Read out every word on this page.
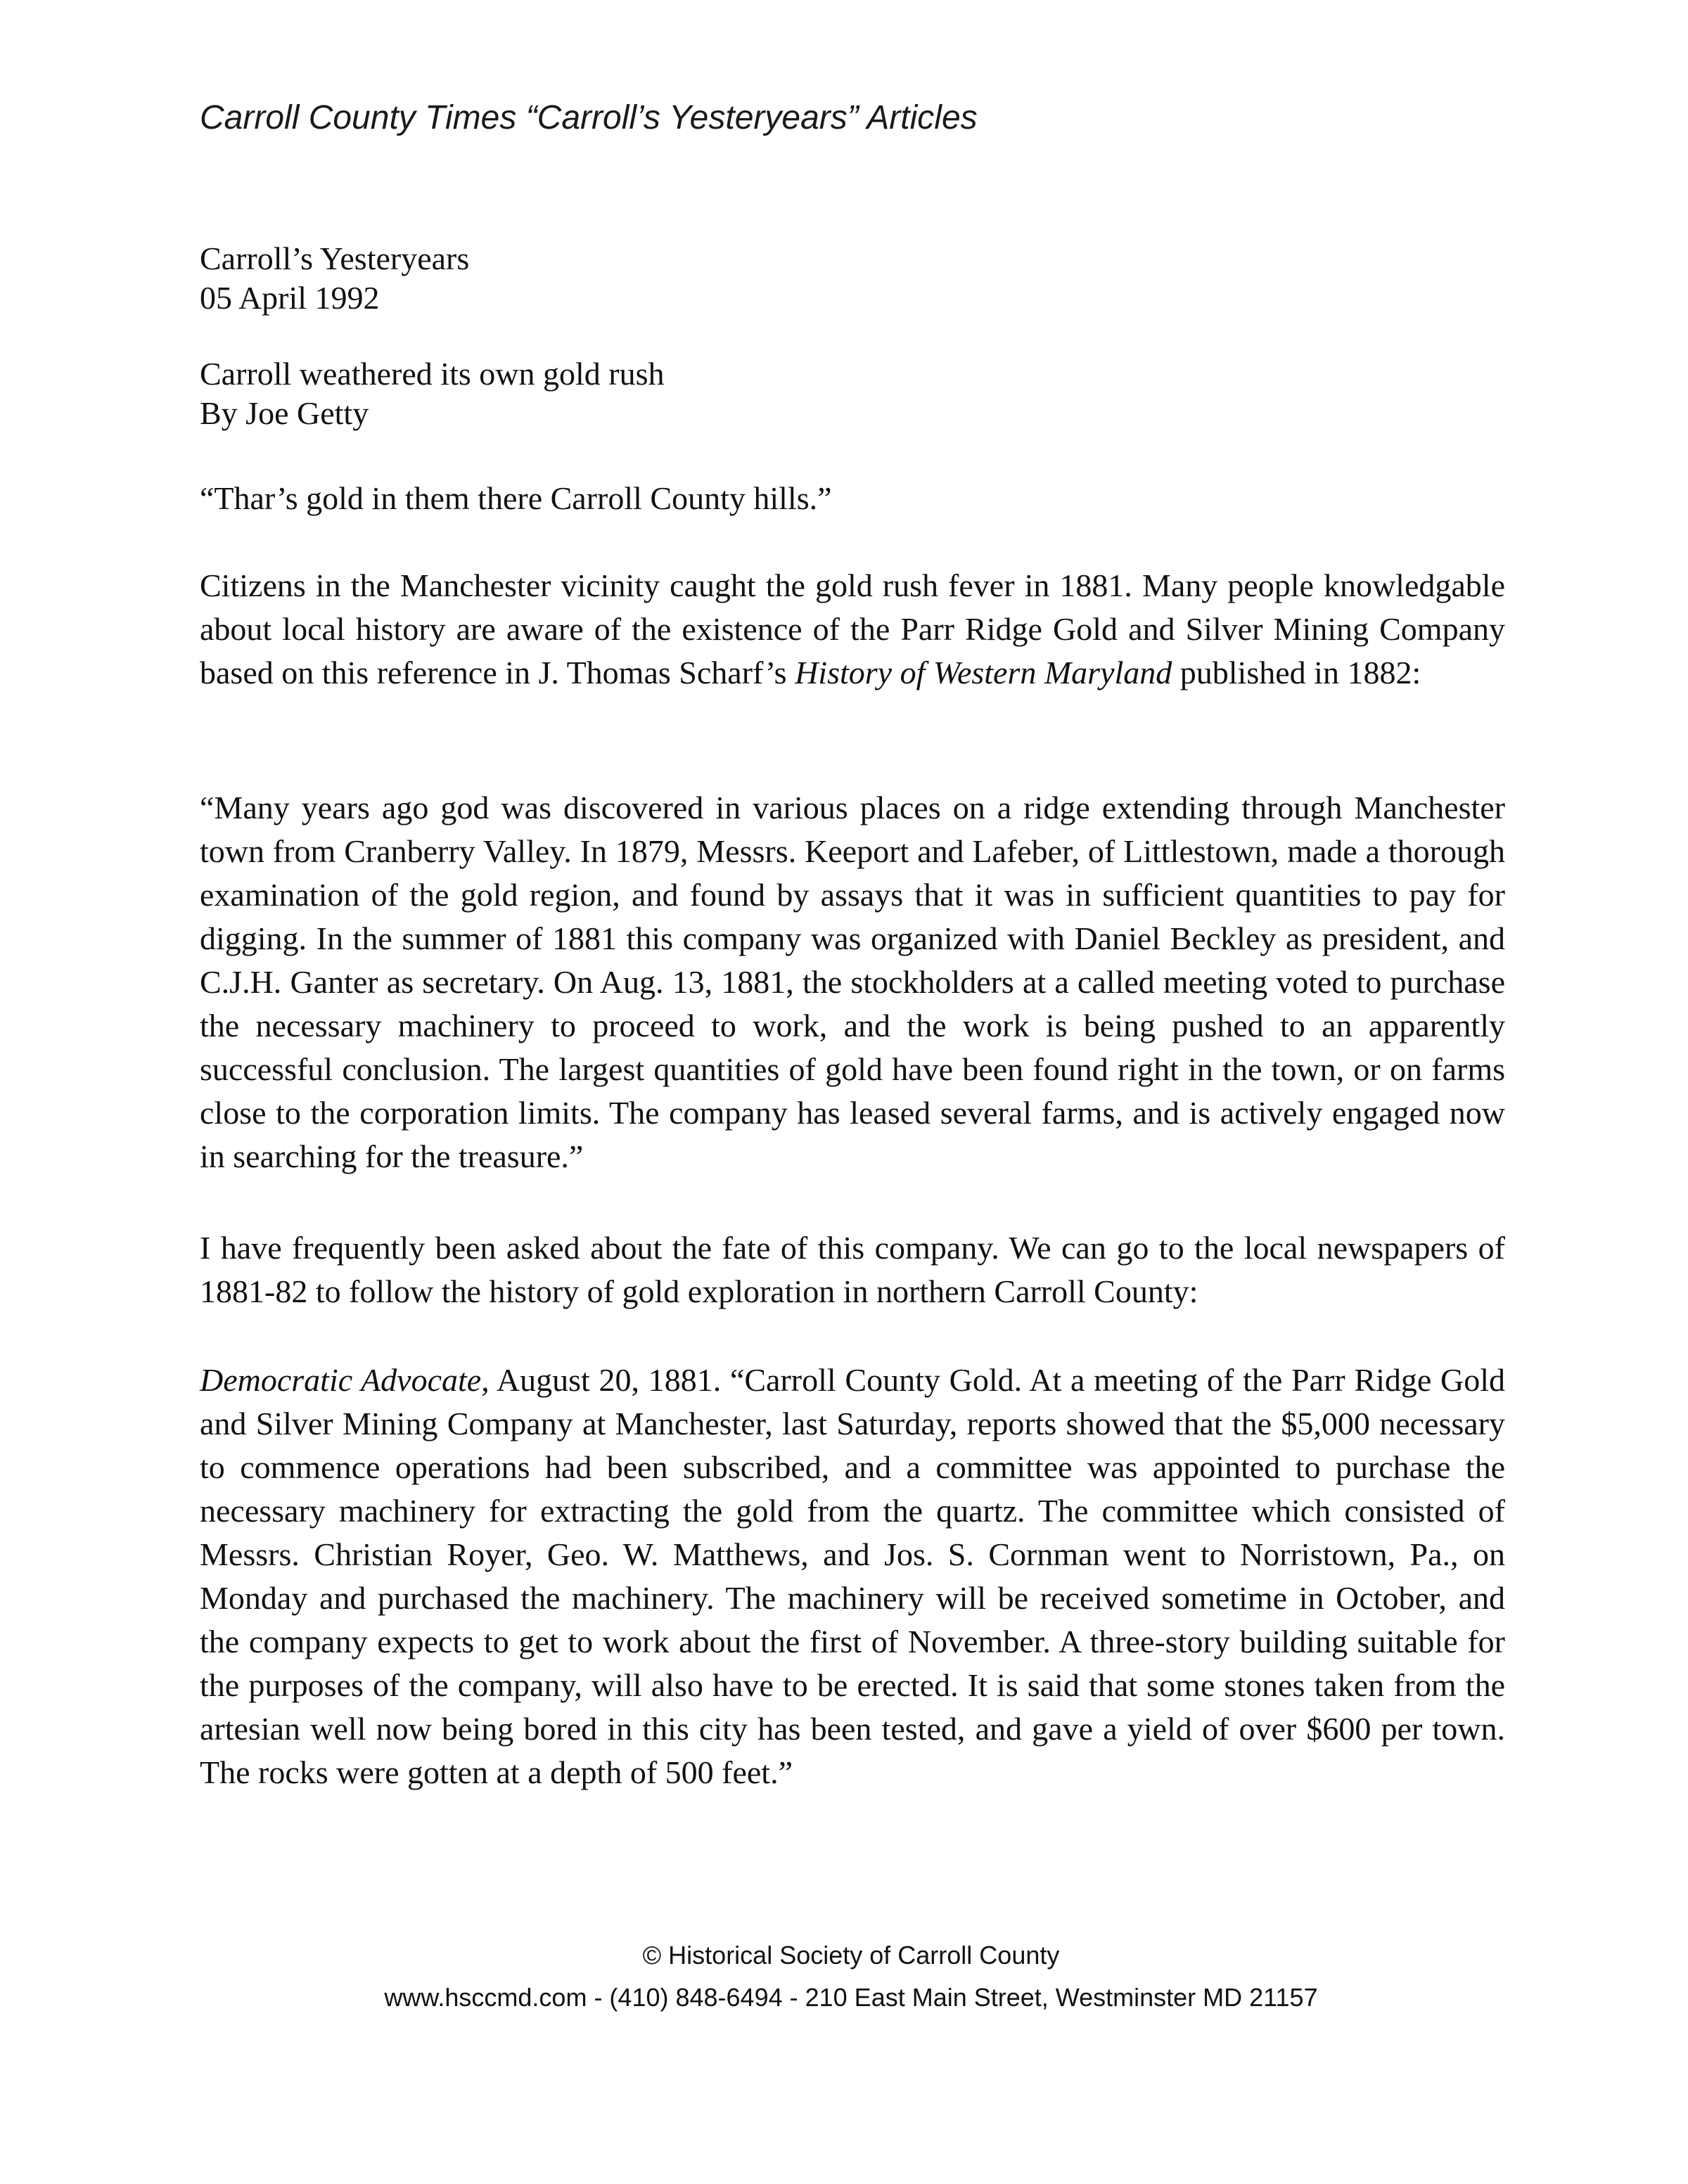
Carroll County Times “Carroll’s Yesteryears” Articles
Carroll’s Yesteryears
05 April 1992
Carroll weathered its own gold rush
By Joe Getty
“Thar’s gold in them there Carroll County hills.”

Citizens in the Manchester vicinity caught the gold rush fever in 1881. Many people knowledgable about local history are aware of the existence of the Parr Ridge Gold and Silver Mining Company based on this reference in J. Thomas Scharf’s History of Western Maryland published in 1882:

“Many years ago god was discovered in various places on a ridge extending through Manchester town from Cranberry Valley. In 1879, Messrs. Keeport and Lafeber, of Littlestown, made a thorough examination of the gold region, and found by assays that it was in sufficient quantities to pay for digging. In the summer of 1881 this company was organized with Daniel Beckley as president, and C.J.H. Ganter as secretary. On Aug. 13, 1881, the stockholders at a called meeting voted to purchase the necessary machinery to proceed to work, and the work is being pushed to an apparently successful conclusion. The largest quantities of gold have been found right in the town, or on farms close to the corporation limits. The company has leased several farms, and is actively engaged now in searching for the treasure.”

I have frequently been asked about the fate of this company. We can go to the local newspapers of 1881-82 to follow the history of gold exploration in northern Carroll County:

Democratic Advocate, August 20, 1881. “Carroll County Gold. At a meeting of the Parr Ridge Gold and Silver Mining Company at Manchester, last Saturday, reports showed that the $5,000 necessary to commence operations had been subscribed, and a committee was appointed to purchase the necessary machinery for extracting the gold from the quartz. The committee which consisted of Messrs. Christian Royer, Geo. W. Matthews, and Jos. S. Cornman went to Norristown, Pa., on Monday and purchased the machinery. The machinery will be received sometime in October, and the company expects to get to work about the first of November. A three-story building suitable for the purposes of the company, will also have to be erected. It is said that some stones taken from the artesian well now being bored in this city has been tested, and gave a yield of over $600 per town. The rocks were gotten at a depth of 500 feet.”

© Historical Society of Carroll County
www.hsccmd.com - (410) 848-6494 - 210 East Main Street, Westminster MD 21157
